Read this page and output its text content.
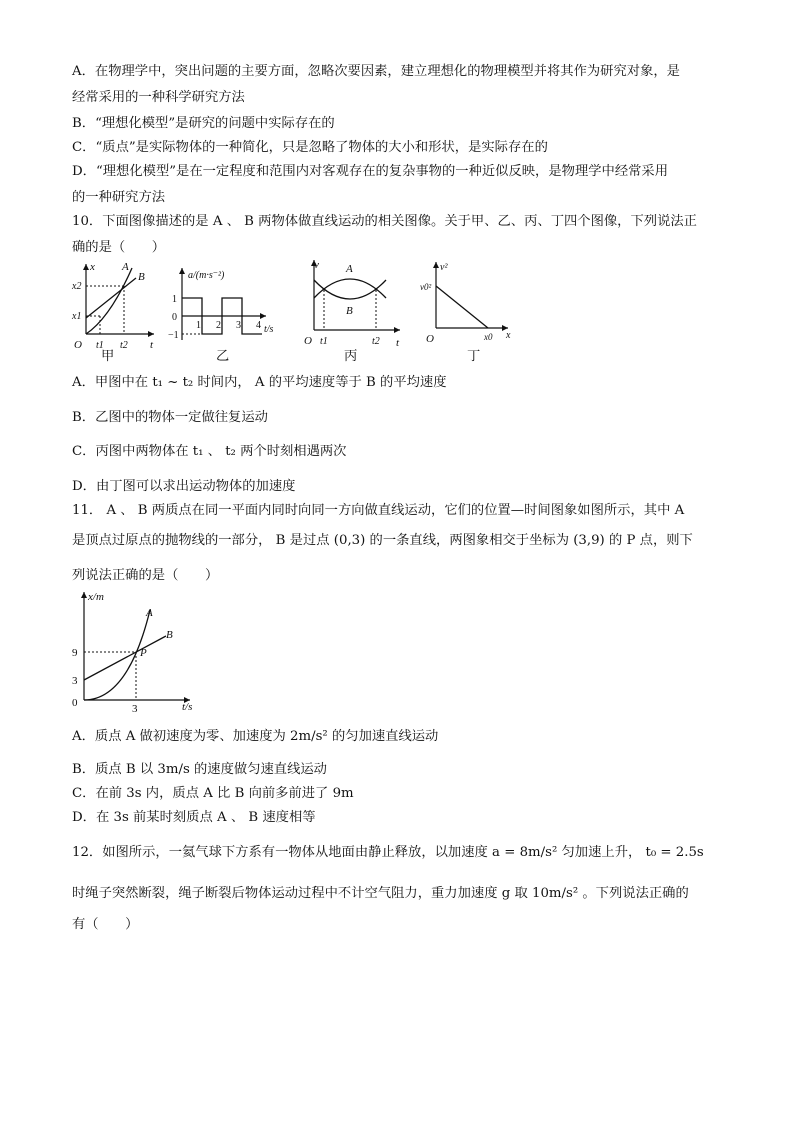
A．在物理学中，突出问题的主要方面，忽略次要因素，建立理想化的物理模型并将其作为研究对象，是
经常采用的一种科学研究方法
B．“理想化模型”是研究的问题中实际存在的
C．“质点”是实际物体的一种简化，只是忽略了物体的大小和形状，是实际存在的
D．“理想化模型”是在一定程度和范围内对客观存在的复杂事物的一种近似反映，是物理学中经常采用
的一种研究方法
10．下面图像描述的是 A 、 B 两物体做直线运动的相关图像。关于甲、乙、丙、丁四个图像，下列说法正
确的是（　　）
x
t
O
x2
x1
t1 t2
A
B
甲
a/(m·s⁻²)
t/s
1
0
−1
1 2 3 4
乙
v
t
O t1	t2
A
B
丙
v²
x
O
v0²
x0
丁
A．甲图中在 t₁ ~ t₂ 时间内， A 的平均速度等于 B 的平均速度
B．乙图中的物体一定做往复运动
C．丙图中两物体在 t₁ 、 t₂ 两个时刻相遇两次
D．由丁图可以求出运动物体的加速度
11． A 、 B 两质点在同一平面内同时向同一方向做直线运动，它们的位置—时间图象如图所示，其中 A
是顶点过原点的抛物线的一部分， B 是过点 (0,3) 的一条直线，两图象相交于坐标为 (3,9) 的 P 点，则下
列说法正确的是（　　）
x/m
t/s
0
9
3
3
A
B
P
A．质点 A 做初速度为零、加速度为 2m/s² 的匀加速直线运动
B．质点 B 以 3m/s 的速度做匀速直线运动
C．在前 3s 内，质点 A 比 B 向前多前进了 9m
D．在 3s 前某时刻质点 A 、 B 速度相等
12．如图所示，一氦气球下方系有一物体从地面由静止释放，以加速度 a = 8m/s² 匀加速上升， t₀ = 2.5s
时绳子突然断裂，绳子断裂后物体运动过程中不计空气阻力，重力加速度 g 取 10m/s² 。下列说法正确的
有（　　）
